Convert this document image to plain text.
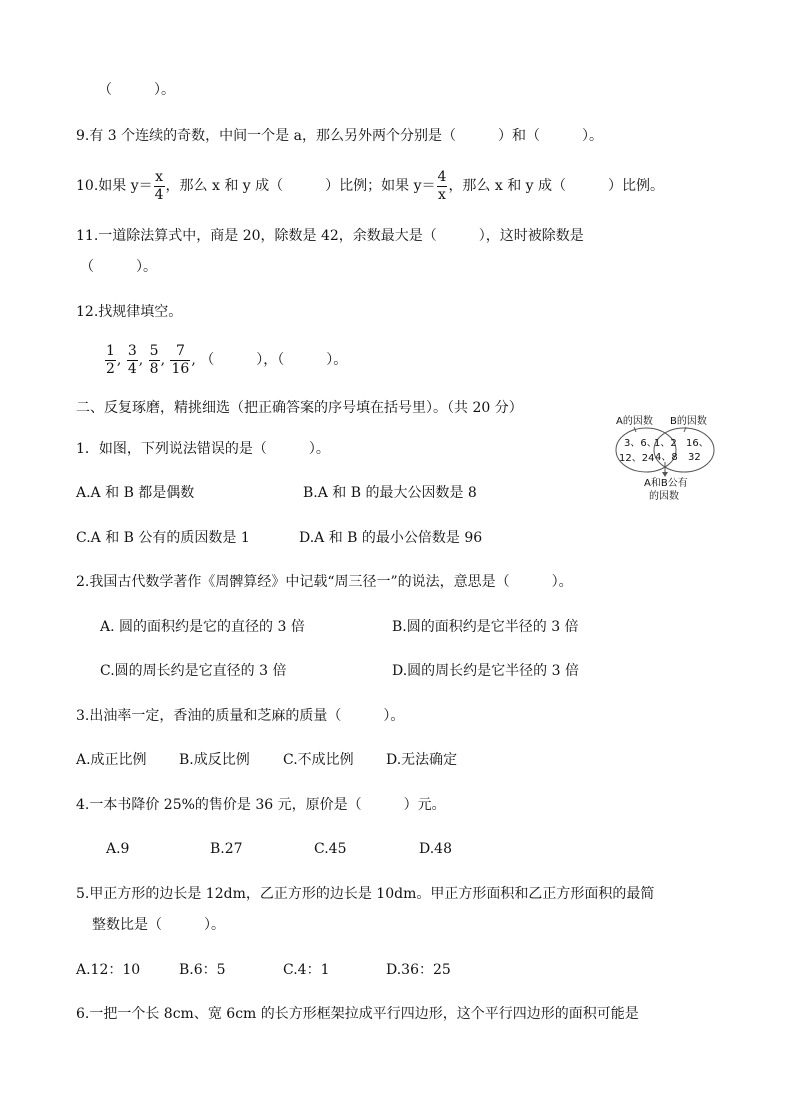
（　　　）。
9.有 3 个连续的奇数，中间一个是 a，那么另外两个分别是（　　　）和（　　　）。
10.如果 $y= \frac{x}{4}$ ，那么 x 和 y 成（　　　）比例；如果 $y= \frac{4}{x}$ ，那么 x 和 y 成（　　　）比例。
11.一道除法算式中，商是 20，除数是 42，余数最大是（　　　），这时被除数是
（　　　）。
12.找规律填空。
$\frac{1}{2}$ , $\frac{3}{4}$ , $\frac{5}{8}$ , $\frac{7}{16}$ , （　　　），（　　　）。
二、反复琢磨，精挑细选（把正确答案的序号填在括号里）。（共 20 分）
A的因数 B的因数
3、6、
12、24
1、2
4、8
16、
32
A和B公有
的因数
1．如图，下列说法错误的是（　　　）。
A.A 和 B 都是偶数	B.A 和 B 的最大公因数是 8
C.A 和 B 公有的质因数是 1	D.A 和 B 的最小公倍数是 96
2.我国古代数学著作《周髀算经》中记载“周三径一”的说法，意思是（　　　）。
A. 圆的面积约是它的直径的 3 倍	B.圆的面积约是它半径的 3 倍
C.圆的周长约是它直径的 3 倍	D.圆的周长约是它半径的 3 倍
3.出油率一定，香油的质量和芝麻的质量（　　　）。
A.成正比例 B.成反比例 C.不成比例 D.无法确定
4.一本书降价 25%的售价是 36 元，原价是（　　　）元。
A.9	B.27	C.45	D.48
5.甲正方形的边长是 12dm，乙正方形的边长是 10dm。甲正方形面积和乙正方形面积的最简
整数比是（　　　）。
A.12：10	B.6：5	C.4：1	D.36：25
6.一把一个长 8cm、宽 6cm 的长方形框架拉成平行四边形，这个平行四边形的面积可能是
